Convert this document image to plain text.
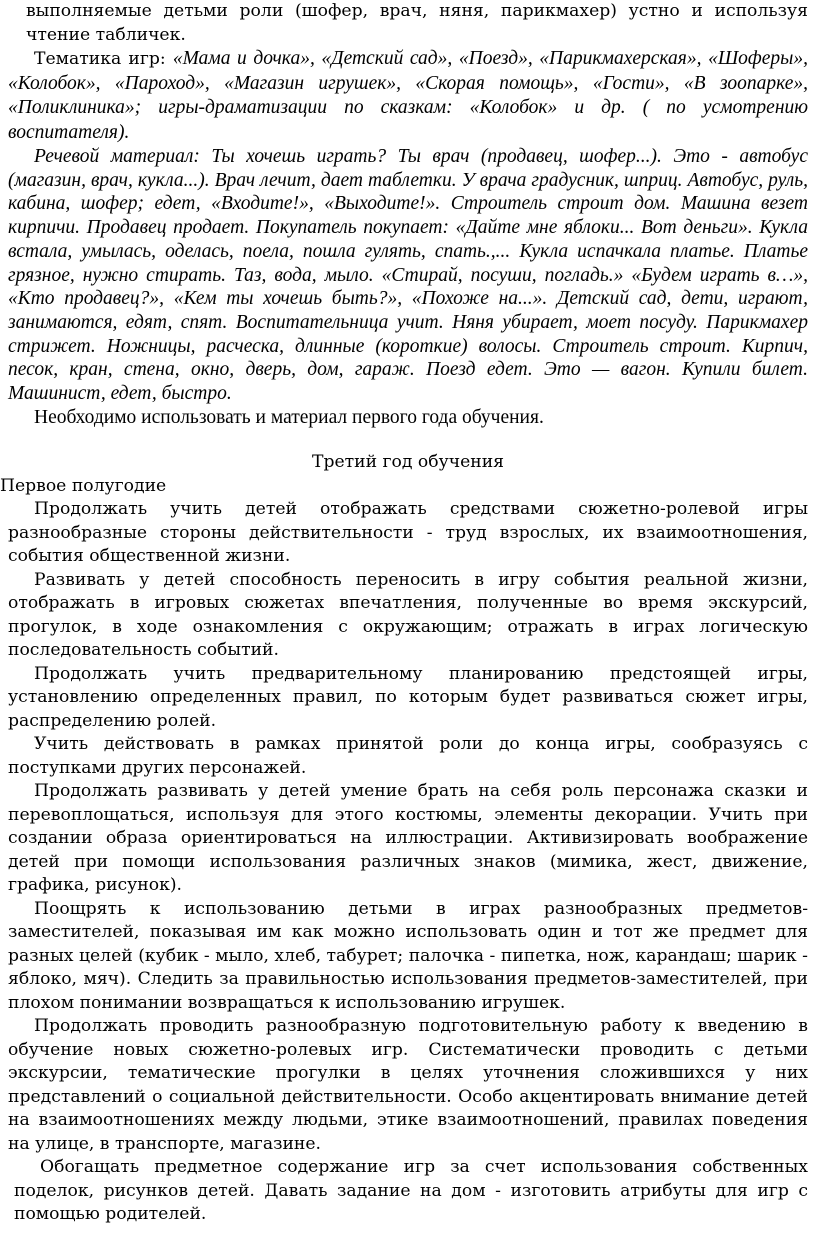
выполняемые детьми роли (шофер, врач, няня, парикмахер) устно и используя чтение табличек.

Тематика игр: «Мама и дочка», «Детский сад», «Поезд», «Парикмахерская», «Шоферы», «Колобок», «Пароход», «Магазин игрушек», «Скорая помощь», «Гости», «В зоопарке», «Поликлиника»; игры-драматизации по сказкам: «Колобок» и др. ( по усмотрению воспитателя).

Речевой материал: Ты хочешь играть? Ты врач (продавец, шофер...). Это - автобус (магазин, врач, кукла...). Врач лечит, дает таблетки. У врача градусник, шприц. Автобус, руль, кабина, шофер; едет, «Входите!», «Выходите!». Строитель строит дом. Машина везет кирпичи. Продавец продает. Покупатель покупает: «Дайте мне яблоки... Вот деньги». Кукла встала, умылась, оделась, поела, пошла гулять, спать.,... Кукла испачкала платье. Платье грязное, нужно стирать. Таз, вода, мыло. «Стирай, посуши, погладь.» «Будем играть в…», «Кто продавец?», «Кем ты хочешь быть?», «Похоже на...». Детский сад, дети, играют, занимаются, едят, спят. Воспитательница учит. Няня убирает, моет посуду. Парикмахер стрижет. Ножницы, расческа, длинные (короткие) волосы. Строитель строит. Кирпич, песок, кран, стена, окно, дверь, дом, гараж. Поезд едет. Это — вагон. Купили билет. Машинист, едет, быстро.

Необходимо использовать и материал первого года обучения.

Третий год обучения

Первое полугодие

Продолжать учить детей отображать средствами сюжетно-ролевой игры разнообразные стороны действительности - труд взрослых, их взаимоотношения, события общественной жизни.

Развивать у детей способность переносить в игру события реальной жизни, отображать в игровых сюжетах впечатления, полученные во время экскурсий, прогулок, в ходе ознакомления с окружающим; отражать в играх логическую последовательность событий.

Продолжать учить предварительному планированию предстоящей игры, установлению определенных правил, по которым будет развиваться сюжет игры, распределению ролей.

Учить действовать в рамках принятой роли до конца игры, сообразуясь с поступками других персонажей.

Продолжать развивать у детей умение брать на себя роль персонажа сказки и перевоплощаться, используя для этого костюмы, элементы декорации. Учить при создании образа ориентироваться на иллюстрации. Активизировать воображение детей при помощи использования различных знаков (мимика, жест, движение, графика, рисунок).

Поощрять к использованию детьми в играх разнообразных предметов-заместителей, показывая им как можно использовать один и тот же предмет для разных целей (кубик - мыло, хлеб, табурет; палочка - пипетка, нож, карандаш; шарик - яблоко, мяч). Следить за правильностью использования предметов-заместителей, при плохом понимании возвращаться к использованию игрушек.

Продолжать проводить разнообразную подготовительную работу к введению в обучение новых сюжетно-ролевых игр. Систематически проводить с детьми экскурсии, тематические прогулки в целях уточнения сложившихся у них представлений о социальной действительности. Особо акцентировать внимание детей на взаимоотношениях между людьми, этике взаимоотношений, правилах поведения на улице, в транспорте, магазине.

Обогащать предметное содержание игр за счет использования собственных поделок, рисунков детей. Давать задание на дом - изготовить атрибуты для игр с помощью родителей.
